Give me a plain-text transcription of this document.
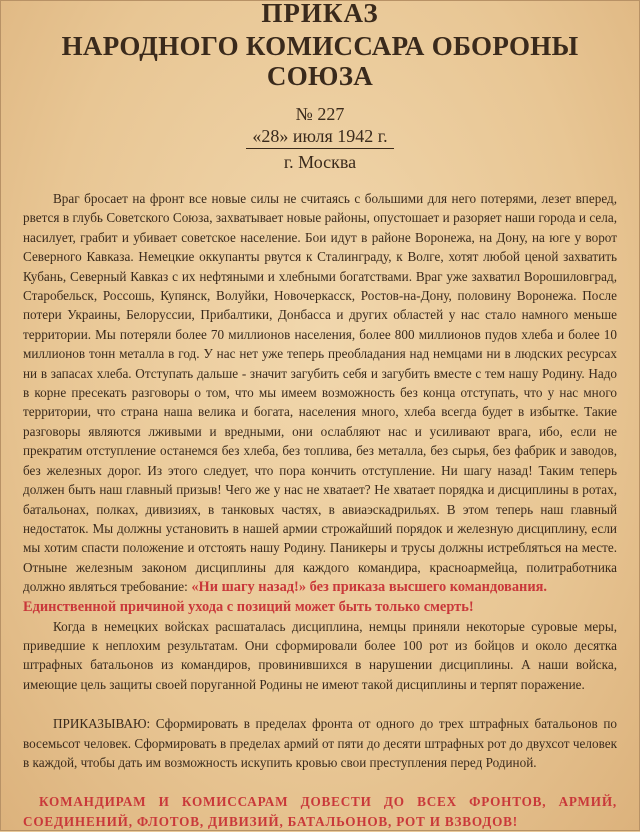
ПРИКАЗ
НАРОДНОГО КОМИССАРА ОБОРОНЫ СОЮЗА
№ 227
«28» июля 1942 г.
г. Москва

Враг бросает на фронт все новые силы не считаясь с большими для него потерями, лезет вперед, рвется в глубь Советского Союза, захватывает новые районы, опустошает и разоряет наши города и села, насилует, грабит и убивает советское население. Бои идут в районе Воронежа, на Дону, на юге у ворот Северного Кавказа. Немецкие оккупанты рвутся к Сталинграду, к Волге, хотят любой ценой захватить Кубань, Северный Кавказ с их нефтяными и хлебными богатствами. Враг уже захватил Ворошиловград, Старобельск, Россошь, Купянск, Волуйки, Новочеркасск, Ростов-на-Дону, половину Воронежа. После потери Украины, Белоруссии, Прибалтики, Донбасса и других областей у нас стало намного меньше территории. Мы потеряли более 70 миллионов населения, более 800 миллионов пудов хлеба и более 10 миллионов тонн металла в год. У нас нет уже теперь преобладания над немцами ни в людских ресурсах ни в запасах хлеба. Отступать дальше - значит загубить себя и загубить вместе с тем нашу Родину. Надо в корне пресекать разговоры о том, что мы имеем возможность без конца отступать, что у нас много территории, что страна наша велика и богата, населения много, хлеба всегда будет в избытке. Такие разговоры являются лживыми и вредными, они ослабляют нас и усиливают врага, ибо, если не прекратим отступление останемся без хлеба, без топлива, без металла, без сырья, без фабрик и заводов, без железных дорог. Из этого следует, что пора кончить отступление. Ни шагу назад! Таким теперь должен быть наш главный призыв! Чего же у нас не хватает? Не хватает порядка и дисциплины в ротах, батальонах, полках, дивизиях, в танковых частях, в авиаэскадрильях. В этом теперь наш главный недостаток. Мы должны установить в нашей армии строжайший порядок и железную дисциплину, если мы хотим спасти положение и отстоять нашу Родину. Паникеры и трусы должны истребляться на месте. Отныне железным законом дисциплины для каждого командира, красноармейца, политработника должно являться требование: «Ни шагу назад!» без приказа высшего командования.

Единственной причиной ухода с позиций может быть только смерть!

Когда в немецких войсках расшаталась дисциплина, немцы приняли некоторые суровые меры, приведшие к неплохим результатам. Они сформировали более 100 рот из бойцов и около десятка штрафных батальонов из командиров, провинившихся в нарушении дисциплины. А наши войска, имеющие цель защиты своей поруганной Родины не имеют такой дисциплины и терпят поражение.

ПРИКАЗЫВАЮ: Сформировать в пределах фронта от одного до трех штрафных батальонов по восемьсот человек. Сформировать в пределах армий от пяти до десяти штрафных рот до двухсот человек в каждой, чтобы дать им возможность искупить кровью свои преступления перед Родиной.

КОМАНДИРАМ И КОМИССАРАМ ДОВЕСТИ ДО ВСЕХ ФРОНТОВ, АРМИЙ, СОЕДИНЕНИЙ, ФЛОТОВ, ДИВИЗИЙ, БАТАЛЬОНОВ, РОТ И ВЗВОДОВ!
